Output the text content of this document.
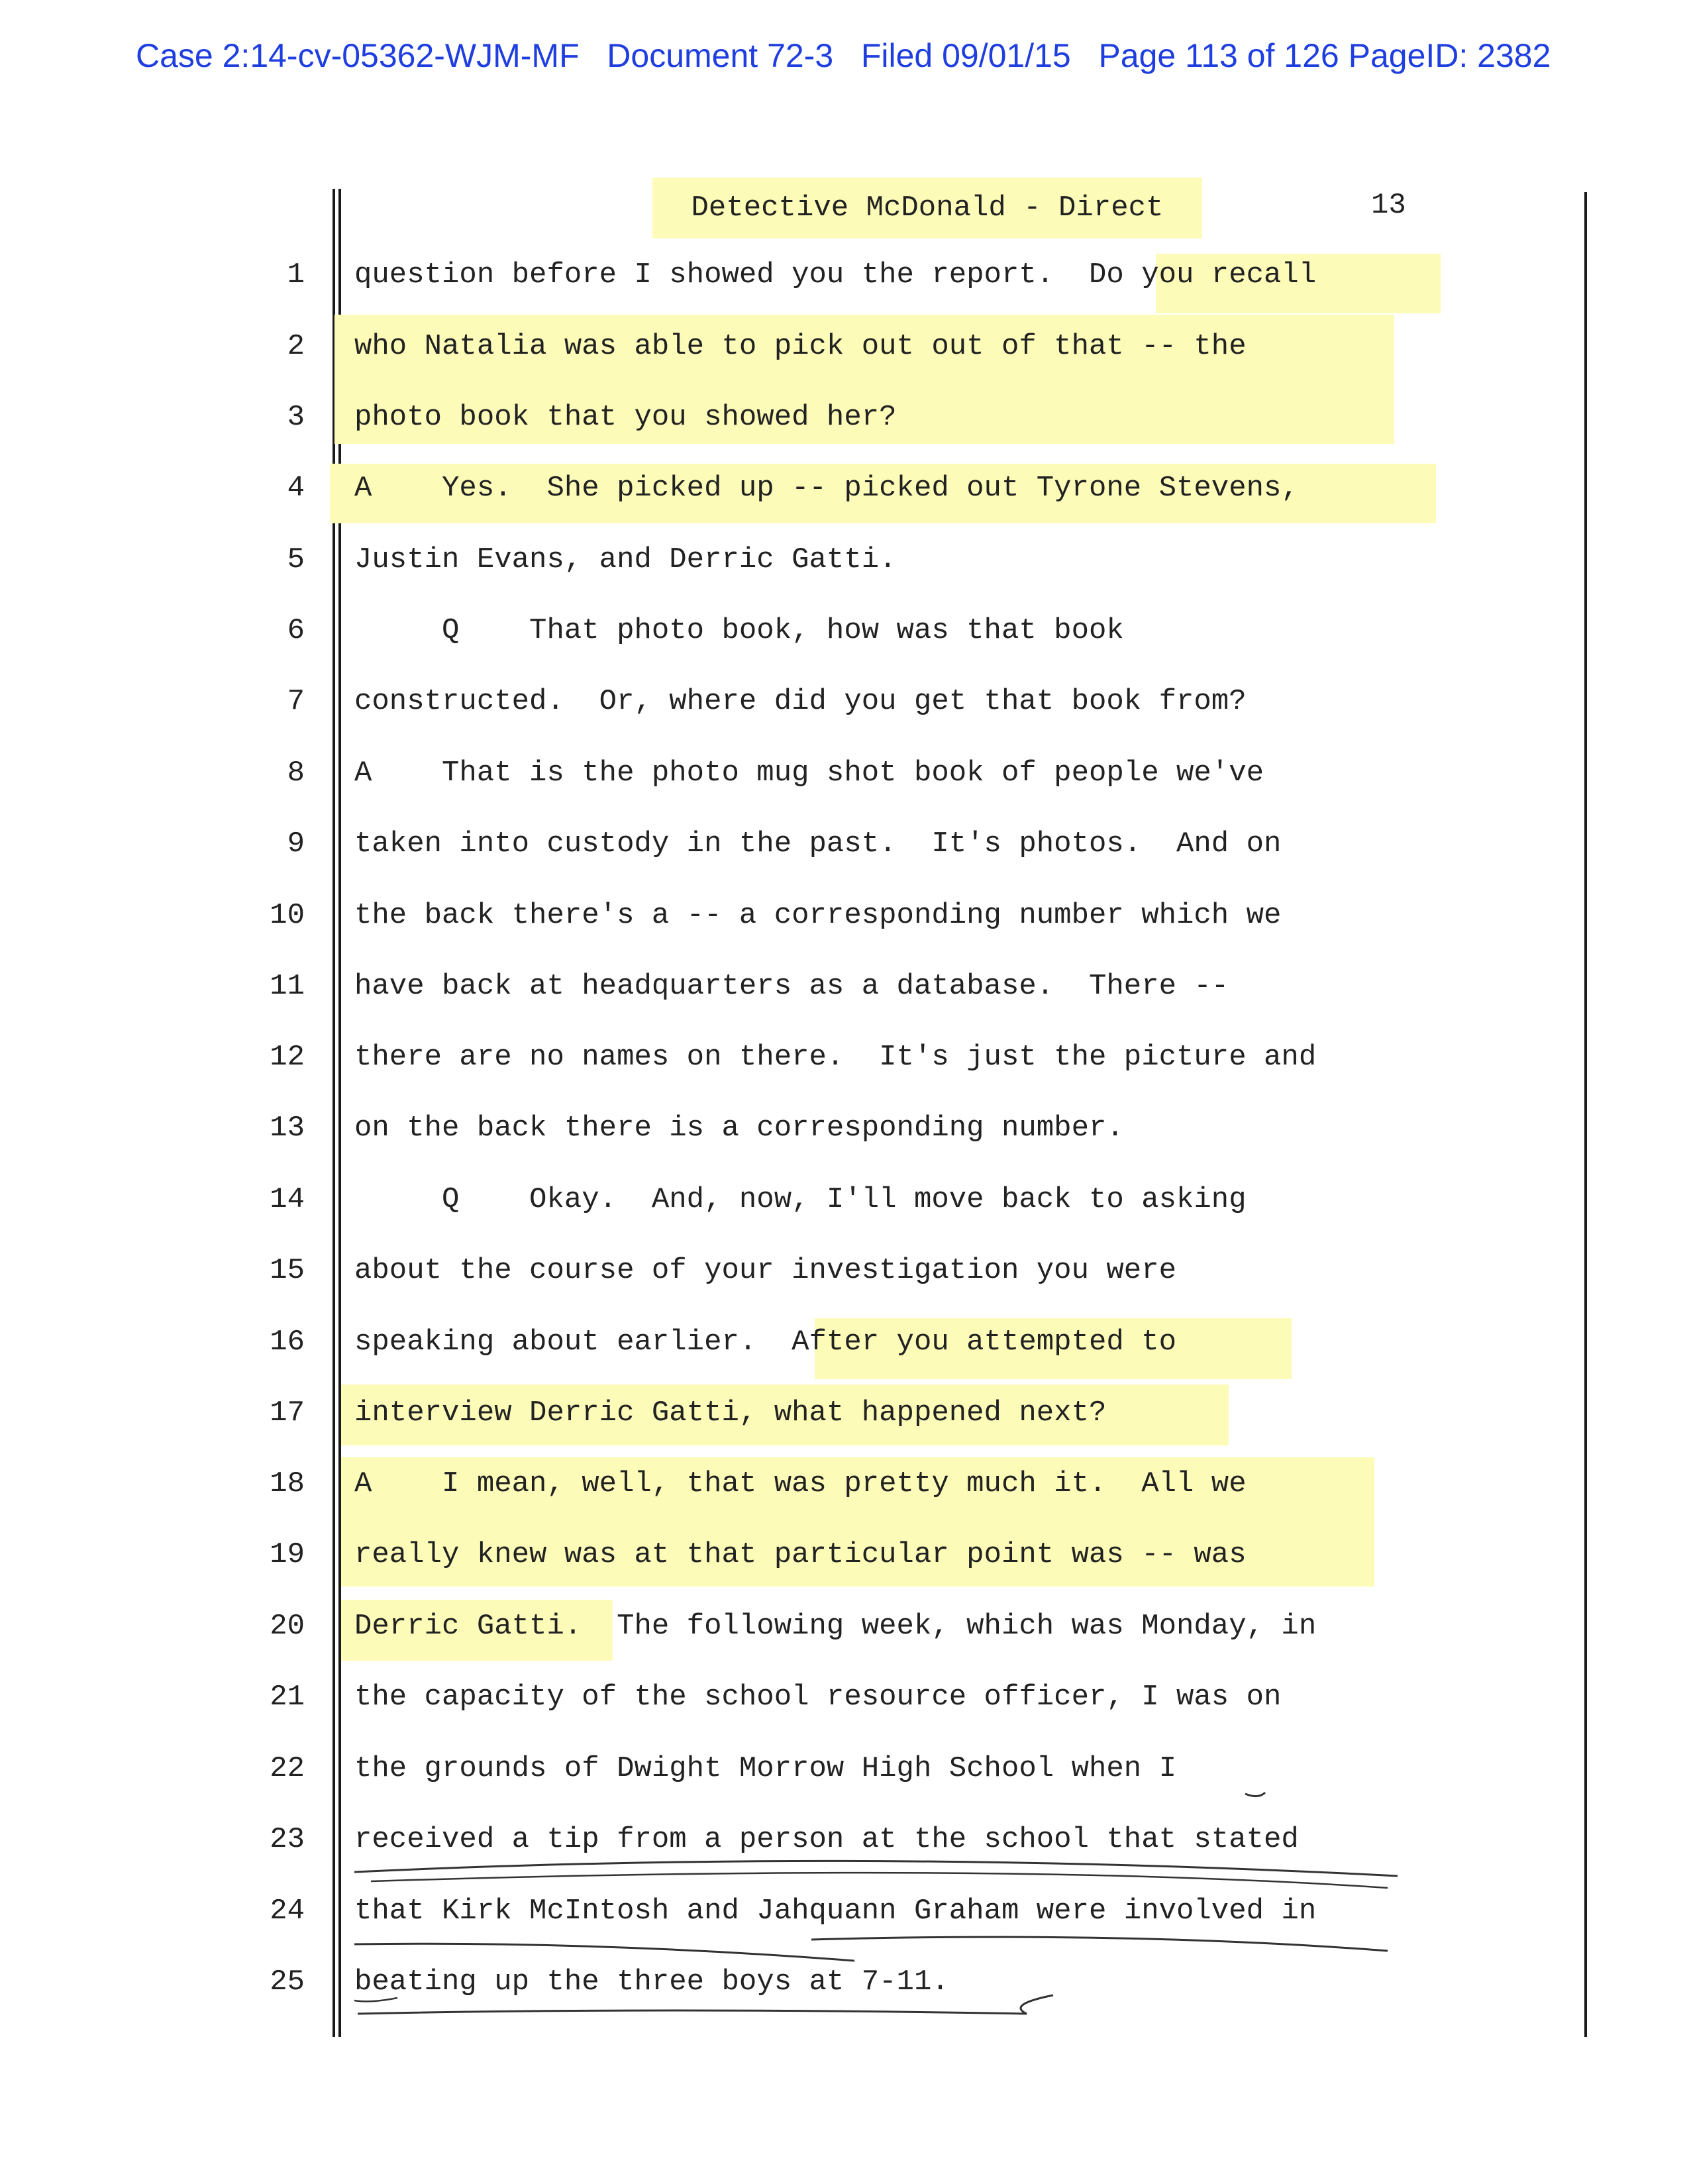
Case 2:14-cv-05362-WJM-MF Document 72-3 Filed 09/01/15 Page 113 of 126 PageID: 2382
Detective McDonald - Direct	13
1 question before I showed you the report.  Do you recall
2 who Natalia was able to pick out out of that -- the
3 photo book that you showed her?
4 A    Yes.  She picked up -- picked out Tyrone Stevens,
5 Justin Evans, and Derric Gatti.
6 Q    That photo book, how was that book
7 constructed.  Or, where did you get that book from?
8 A    That is the photo mug shot book of people we've
9 taken into custody in the past.  It's photos.  And on
10 the back there's a -- a corresponding number which we
11 have back at headquarters as a database.  There --
12 there are no names on there.  It's just the picture and
13 on the back there is a corresponding number.
14 Q    Okay.  And, now, I'll move back to asking
15 about the course of your investigation you were
16 speaking about earlier.  After you attempted to
17 interview Derric Gatti, what happened next?
18 A    I mean, well, that was pretty much it.  All we
19 really knew was at that particular point was -- was
20 Derric Gatti.  The following week, which was Monday, in
21 the capacity of the school resource officer, I was on
22 the grounds of Dwight Morrow High School when I
23 received a tip from a person at the school that stated
24 that Kirk McIntosh and Jahquann Graham were involved in
25 beating up the three boys at 7-11.
